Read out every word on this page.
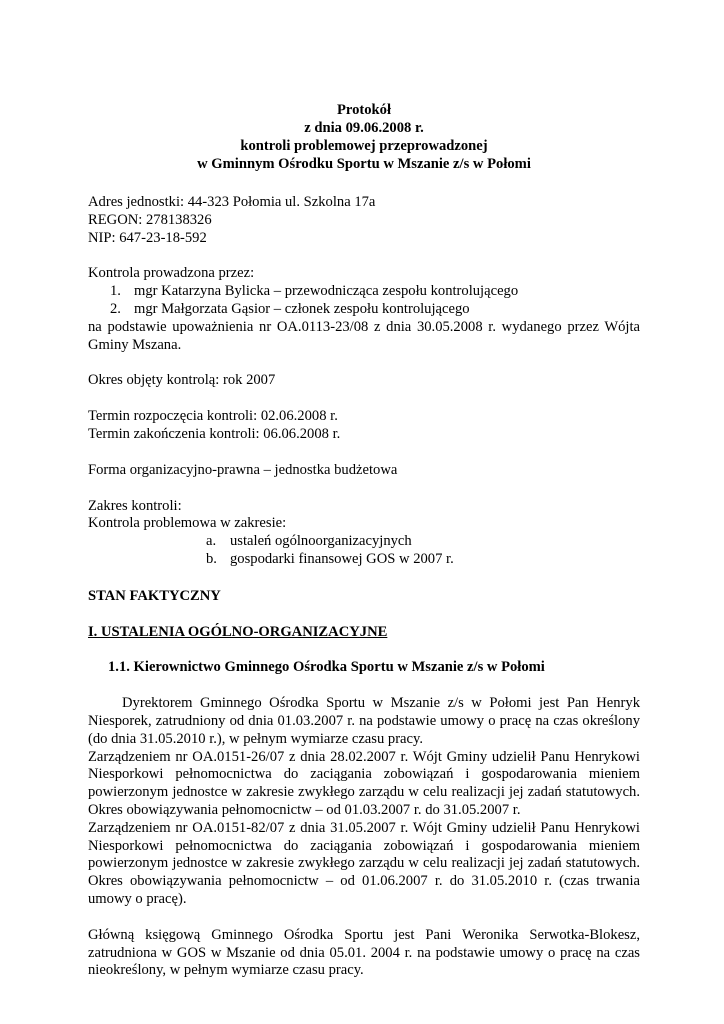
Protokół
z dnia 09.06.2008 r.
kontroli problemowej przeprowadzonej
w Gminnym Ośrodku Sportu w Mszanie z/s w Połomi

Adres jednostki: 44-323 Połomia ul. Szkolna 17a

REGON: 278138326

NIP: 647-23-18-592

Kontrola prowadzona przez:

1. mgr Katarzyna Bylicka – przewodnicząca zespołu kontrolującego
2. mgr Małgorzata Gąsior – członek zespołu kontrolującego

na podstawie upoważnienia nr OA.0113-23/08 z dnia 30.05.2008 r. wydanego przez Wójta

Gminy Mszana.

Okres objęty kontrolą: rok 2007

Termin rozpoczęcia kontroli: 02.06.2008 r.

Termin zakończenia kontroli: 06.06.2008 r.

Forma organizacyjno-prawna – jednostka budżetowa

Zakres kontroli:

Kontrola problemowa w zakresie:

a. ustaleń ogólnoorganizacyjnych
b. gospodarki finansowej GOS w 2007 r.

STAN FAKTYCZNY

I. USTALENIA OGÓLNO-ORGANIZACYJNE

1.1. Kierownictwo Gminnego Ośrodka Sportu w Mszanie z/s w Połomi

Dyrektorem Gminnego Ośrodka Sportu w Mszanie z/s w Połomi jest Pan Henryk

Niesporek, zatrudniony od dnia 01.03.2007 r. na podstawie umowy o pracę na czas określony

(do dnia 31.05.2010 r.), w pełnym wymiarze czasu pracy.

Zarządzeniem nr OA.0151-26/07 z dnia 28.02.2007 r. Wójt Gminy udzielił Panu Henrykowi

Niesporkowi pełnomocnictwa do zaciągania zobowiązań i gospodarowania mieniem

powierzonym jednostce w zakresie zwykłego zarządu w celu realizacji jej zadań statutowych.

Okres obowiązywania pełnomocnictw – od 01.03.2007 r. do 31.05.2007 r.

Zarządzeniem nr OA.0151-82/07 z dnia 31.05.2007 r. Wójt Gminy udzielił Panu Henrykowi

Niesporkowi pełnomocnictwa do zaciągania zobowiązań i gospodarowania mieniem

powierzonym jednostce w zakresie zwykłego zarządu w celu realizacji jej zadań statutowych.

Okres obowiązywania pełnomocnictw – od 01.06.2007 r. do 31.05.2010 r. (czas trwania

umowy o pracę).

Główną księgową Gminnego Ośrodka Sportu jest Pani Weronika Serwotka-Blokesz,

zatrudniona w GOS w Mszanie od dnia 05.01. 2004 r. na podstawie umowy o pracę na czas

nieokreślony, w pełnym wymiarze czasu pracy.
